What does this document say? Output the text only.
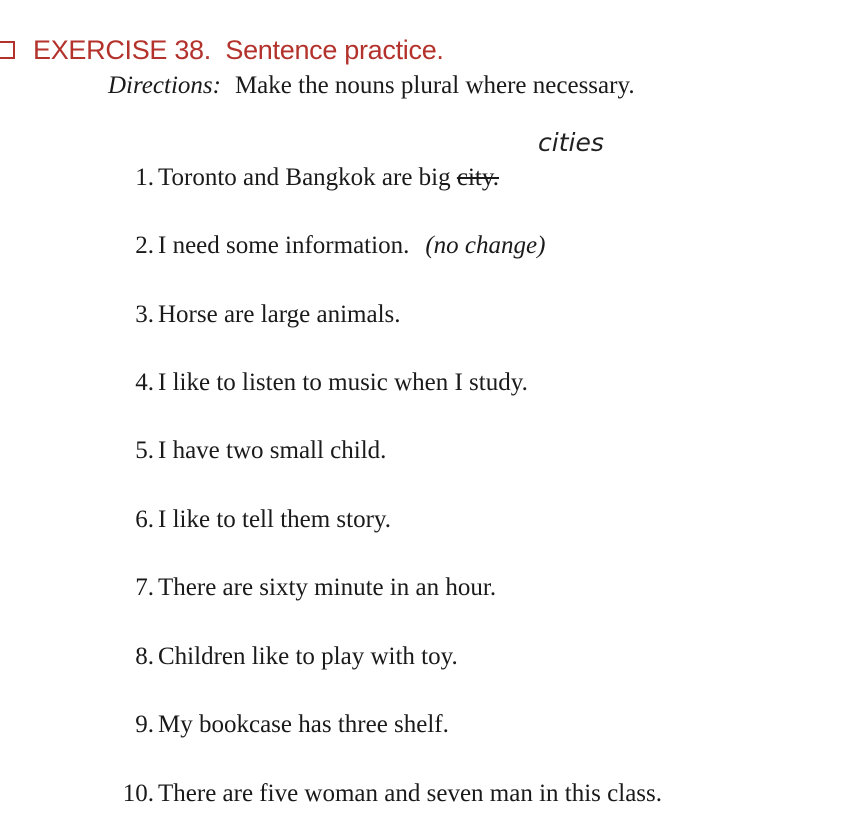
EXERCISE 38.  Sentence practice.
Directions: Make the nouns plural where necessary.
cities
1. Toronto and Bangkok are big city.
2. I need some information. (no change)
3. Horse are large animals.
4. I like to listen to music when I study.
5. I have two small child.
6. I like to tell them story.
7. There are sixty minute in an hour.
8. Children like to play with toy.
9. My bookcase has three shelf.
10. There are five woman and seven man in this class.
